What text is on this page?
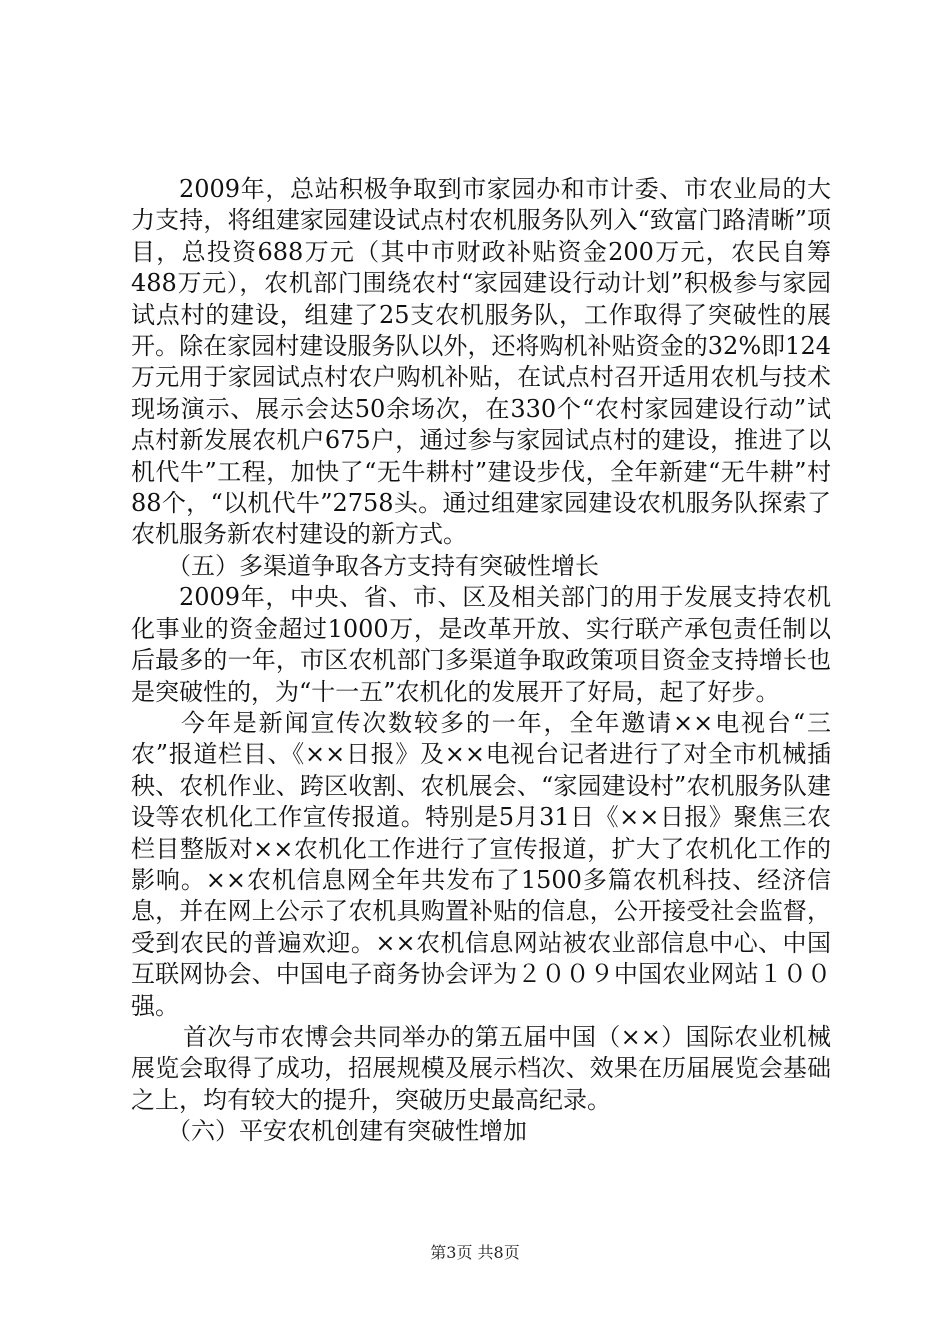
2009年，总站积极争取到市家园办和市计委、市农业局的大力支持，将组建家园建设试点村农机服务队列入“致富门路清晰”项目，总投资688万元（其中市财政补贴资金200万元，农民自筹488万元），农机部门围绕农村“家园建设行动计划”积极参与家园试点村的建设，组建了25支农机服务队，工作取得了突破性的展开。除在家园村建设服务队以外，还将购机补贴资金的32%即124万元用于家园试点村农户购机补贴，在试点村召开适用农机与技术现场演示、展示会达50余场次，在330个“农村家园建设行动”试点村新发展农机户675户，通过参与家园试点村的建设，推进了以机代牛”工程，加快了“无牛耕村”建设步伐，全年新建“无牛耕”村88个，“以机代牛”2758头。通过组建家园建设农机服务队探索了农机服务新农村建设的新方式。

（五）多渠道争取各方支持有突破性增长

2009年，中央、省、市、区及相关部门的用于发展支持农机化事业的资金超过1000万，是改革开放、实行联产承包责任制以后最多的一年，市区农机部门多渠道争取政策项目资金支持增长也是突破性的，为“十一五”农机化的发展开了好局，起了好步。

今年是新闻宣传次数较多的一年，全年邀请××电视台“三农”报道栏目、《××日报》及××电视台记者进行了对全市机械插秧、农机作业、跨区收割、农机展会、“家园建设村”农机服务队建设等农机化工作宣传报道。特别是5月31日《××日报》聚焦三农栏目整版对××农机化工作进行了宣传报道，扩大了农机化工作的影响。××农机信息网全年共发布了1500多篇农机科技、经济信息，并在网上公示了农机具购置补贴的信息，公开接受社会监督，受到农民的普遍欢迎。××农机信息网站被农业部信息中心、中国互联网协会、中国电子商务协会评为２００９中国农业网站１００强。

首次与市农博会共同举办的第五届中国（××）国际农业机械展览会取得了成功，招展规模及展示档次、效果在历届展览会基础之上，均有较大的提升，突破历史最高纪录。

（六）平安农机创建有突破性增加

第3页 共8页
